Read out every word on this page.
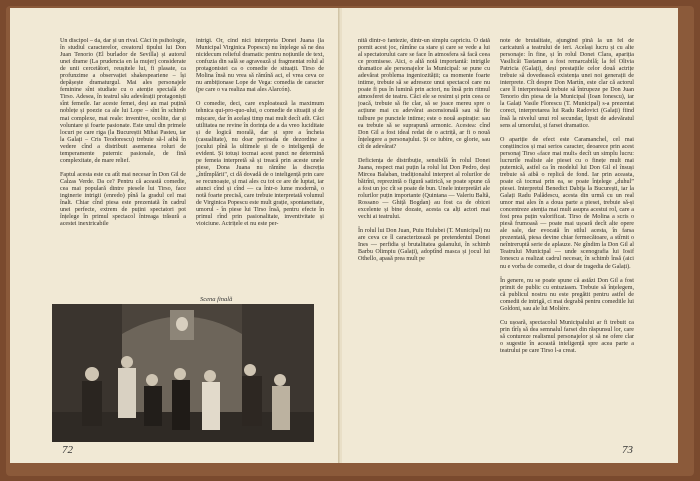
Un discipol – da, dar și un rival. Căci în psihologie, în studiul caracterelor, creatorul tipului lui Don Juan Tenorio (El burlador de Sevilla) și autorul unei drame (La prudencia en la mujer) considerate de unii cercetători, reușitele lui, fi plasate, ca profunzime a observației shakespeariene – își depășește dramaturgul. Mai ales personajele feminine sînt studiate cu o atenție specială de Tirso. Adesea, în teatrul său adevărații protagoniști sînt femeile. Iar aceste femei, deși au mai puțină noblețe și poezie ca ale lui Lope – sînt în schimb mai complexe, mai reale: inventive, ocolite, dar și voluntare și foarte pasionate. Este unul din primele locuri pe care riga (la Bucureștii Mihai Pasteu, iar la Galați – Cris Teodorescu) trebuie să-l aibă în vedere cînd a distribuit asemenea roluri de temperamente puternic pasionale, de fină complexitate, de mare relief.

Faptul acesta este cu atît mai necesar în Don Gil de Calzas Verde. Da ce? Pentru că această comedie, cea mai populară dintre piesele lui Tirso, face inginerie intrigii (enredo) pînă la gradul cel mai înalt. Chiar cînd piesa este prezentată în cadrul unei perfecte, extrem de puțini spectatori pot înțelege în primul spectacol întreaga trăsură a acestei inextricabile
intrigi. Or, cînd nici interpreta Donei Juana (la Municipal Virginica Popescu) nu înțelege să ne dea nicidecum relieful dramatic pentru noțiunile de text, confuzia din sală se agravează și fragmentat rolul al protagonistei ca o comedie de situații. Tirso de Molina însă nu vrea să rămînă aci, el vrea ceva ce nu ambiționase Lope de Vega: comedia de caracter (pe care o va realiza mai ales Alarcón).

O comedie, deci, care exploatează la maximum tehnica qui-pro-quo-ului, o comedie de situații și de mișcare, dar în același timp mai mult decît atît. Căci utilitatea ne revine în dorința de a da vreo luciditate și de logică morală, dar și spre a încheia (casualitate), nu doar perioada de dezordine a jocului pînă la ultimele și de o inteligență de evident. Și totuși tocmai acest punct ne determină pe femeia interpretă să și treacă prin aceste unele piese, Dona Juana nu rămîne la discreția „întîmplării", ci dă dovadă de o inteligență prin care se recunoaște, și mai ales cu tot ce are de luptat, iar atunci cînd și cînd — ca într-o lume modernă, o notă foarte precisă, care trebuie interpretată volumul de Virginica Popescu este mult grație, spontaneitate, umorul - în piese lui Tirso însă, pentru efecte în primul rînd prin pasionalitate, inventivitate și vioiciune. Actrițele ei nu este per-
Scena finală
72
nită dintr-o fantezie, dintr-un simplu capriciu. O dată pornit acest joc, rămîne ca stare și care se vede a lui al spectatorului care se face în atmosfera să facă ceea ce promisese. Aici, o altă notă importantă: intrigile dramatice ale personajelor la Municipal: se pune cu adevărat problema ingeniozității; ca momente foarte intime, trebuie să se adreseze unui spectacol care nu poate fi pus în lumină prin actori, nu însă prin ritmul atmosferei de teatru. Căci ele se resimt și prin ceea ce joacă, trebuie să fie clar, să se joace mereu spre o acțiune mai cu adevărat ascensională sau să fie tulbure pe punctele intime; este o nouă aspirație: sau ea trebuie să se suprapună armonic. Acestea: cînd Don Gil a fost ideal redat de o actriță, ar fi o nouă înțelegere a personajului. Și ce iubire, ce glorie, sau cît de adevărat?

Deficiența de distribuție, sensibilă în rolul Donei Juana, respect mai puțin la rolul lui Don Pedro, deși Mircea Balaban, tradiționalul interpret al rolurilor de bătrîni, reprezintă o figură satirică, se poate spune că a fost un joc cît se poate de bun. Unele interpretări ale rolurilor puțin importante (Quintana — Valeriu Baltă, Rossano — Ghiță Bogdan) au fost ca de obicei excelente și bine dozate, acesta ca alți actori mai vechi ai teatrului.

În rolul lui Don Juan, Puiu Hulubei (T. Municipal) nu are ceva ce îl caracterizează pe pretendentul Donei Ines — perfidia și brutalitatea galanului, în schimb Barbu Olimpiu (Galați), adoptînd masca și jocul lui Othello, apasă prea mult pe
note de brutalitate, ajungînd pînă la un fel de caricatură a teatrului de ieri. Același lucru și cu alte personaje: în fine, și în rolul Donei Clara, apariția Vasilicăi Tastaman a fost remarcabilă; la fel Olivia Patricia (Galați), deși prestațiile celor două actrițe trebuie să dovedească existența unei noi generații de interprete. Cît despre Don Martín, este clar că actorul care îl interpretează trebuie să întrupeze pe Don Juan Tenorio din piesa de la Municipal (Ioan Ionescu), iar la Galați Vasile Florescu (T. Municipal) s-a prezentat corect, interpretarea lui Radu Radovici (Galați) fiind însă la nivelul unui rol secundar, lipsit de adevăratul sens al umorului, și farsei dramatice.

O apariție de efect este Caramanchel, cel mai conștiincios și mai serios caracter, deoarece prin acest personaj Tirso «face mai mult» decît un simplu lucru: lucrurile realiste ale piesei cu o finețe mult mai puternică, astfel ca în modelul lui Don Gil el însuși trebuie să aibă o replică de fond. Iar prin aceasta, poate că tocmai prin ea, se poate înțelege „duhul” piesei. Interpretul Benedict Dabija la București, iar la Galați Radu Palădescu, acesta din urmă cu un real umor mai ales în a doua parte a piesei, trebuie să-și concentreze atenția mai mult asupra acestui rol, care a fost prea puțin valorificat. Tirso de Molina a scris o piesă frumoasă — poate mai ușoară decît alte opere ale sale, dar evocată în stilul acesta, în farsa prezentată, piesa devine chiar fermecătoare, a stîrnit o neîntreruptă serie de aplauze. Ne gîndim la Don Gil al Teatrului Municipal — unde scenografia lui Iosif Ionescu a realizat cadrul necesar, în schimb însă (aici nu e vorba de comedie, ci doar de tragedia de Galați).

În genere, nu se poate spune că astăzi Don Gil a fost primit de public cu entuziasm. Trebuie să înțelegem, că publicul nostru nu este pregătit pentru astfel de comedii de intrigă, ci mai degrabă pentru comediile lui Goldoni, sau ale lui Molière.

Cu ușoară, spectacolul Municipalului ar fi trebuit ca prin tîrîș să dea semnalul farsei din răspunsul lor, care să contureze realismul personajelor și să ne ofere clar o sugestie în această inteligență spre acea parte a teatrului pe care Tirso l-a creat.
73
